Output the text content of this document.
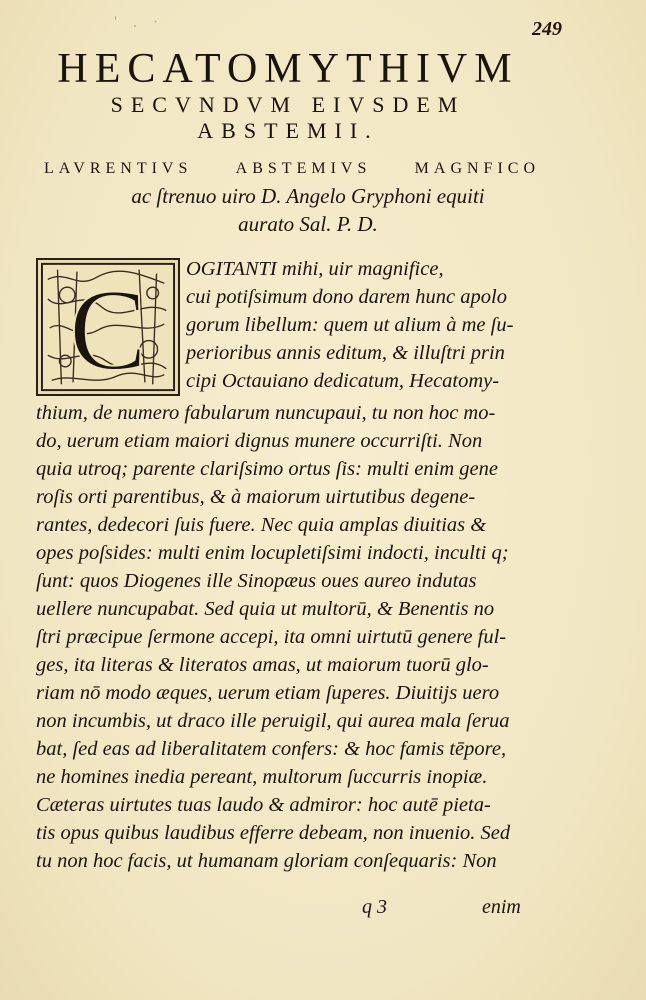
' . ·	249
HECATOMYTHIVM
SECVNDVM EIVSDEM
ABSTEMII.
LAVRENTIVS	ABSTEMIVS	MAGNFICO
ac ſtrenuo uiro D. Angelo Gryphoni equiti
aurato Sal. P. D.
C OGITANTI mihi, uir magnifice,
cui potiſsimum dono darem hunc apolo
gorum libellum: quem ut alium à me ſu-
perioribus annis editum, & illuſtri prin
cipi Octauiano dedicatum, Hecatomy-
thium, de numero fabularum nuncupaui, tu non hoc mo-
do, uerum etiam maiori dignus munere occurriſti. Non
quia utroq; parente clariſsimo ortus ſis: multi enim gene
roſis orti parentibus, & à maiorum uirtutibus degene-
rantes, dedecori ſuis fuere. Nec quia amplas diuitias &
opes poſsides: multi enim locupletiſsimi indocti, inculti q;
ſunt: quos Diogenes ille Sinopæus oues aureo indutas
uellere nuncupabat. Sed quia ut multorū, & Benentis no
ſtri præcipue ſermone accepi, ita omni uirtutū genere ful-
ges, ita literas & literatos amas, ut maiorum tuorū glo-
riam nō modo æques, uerum etiam ſuperes. Diuitijs uero
non incumbis, ut draco ille peruigil, qui aurea mala ſerua
bat, ſed eas ad liberalitatem confers: & hoc famis tēpore,
ne homines inedia pereant, multorum ſuccurris inopiæ.
Cæteras uirtutes tuas laudo & admiror: hoc autē pieta-
tis opus quibus laudibus efferre debeam, non inuenio. Sed
tu non hoc facis, ut humanam gloriam conſequaris: Non
q 3	enim
